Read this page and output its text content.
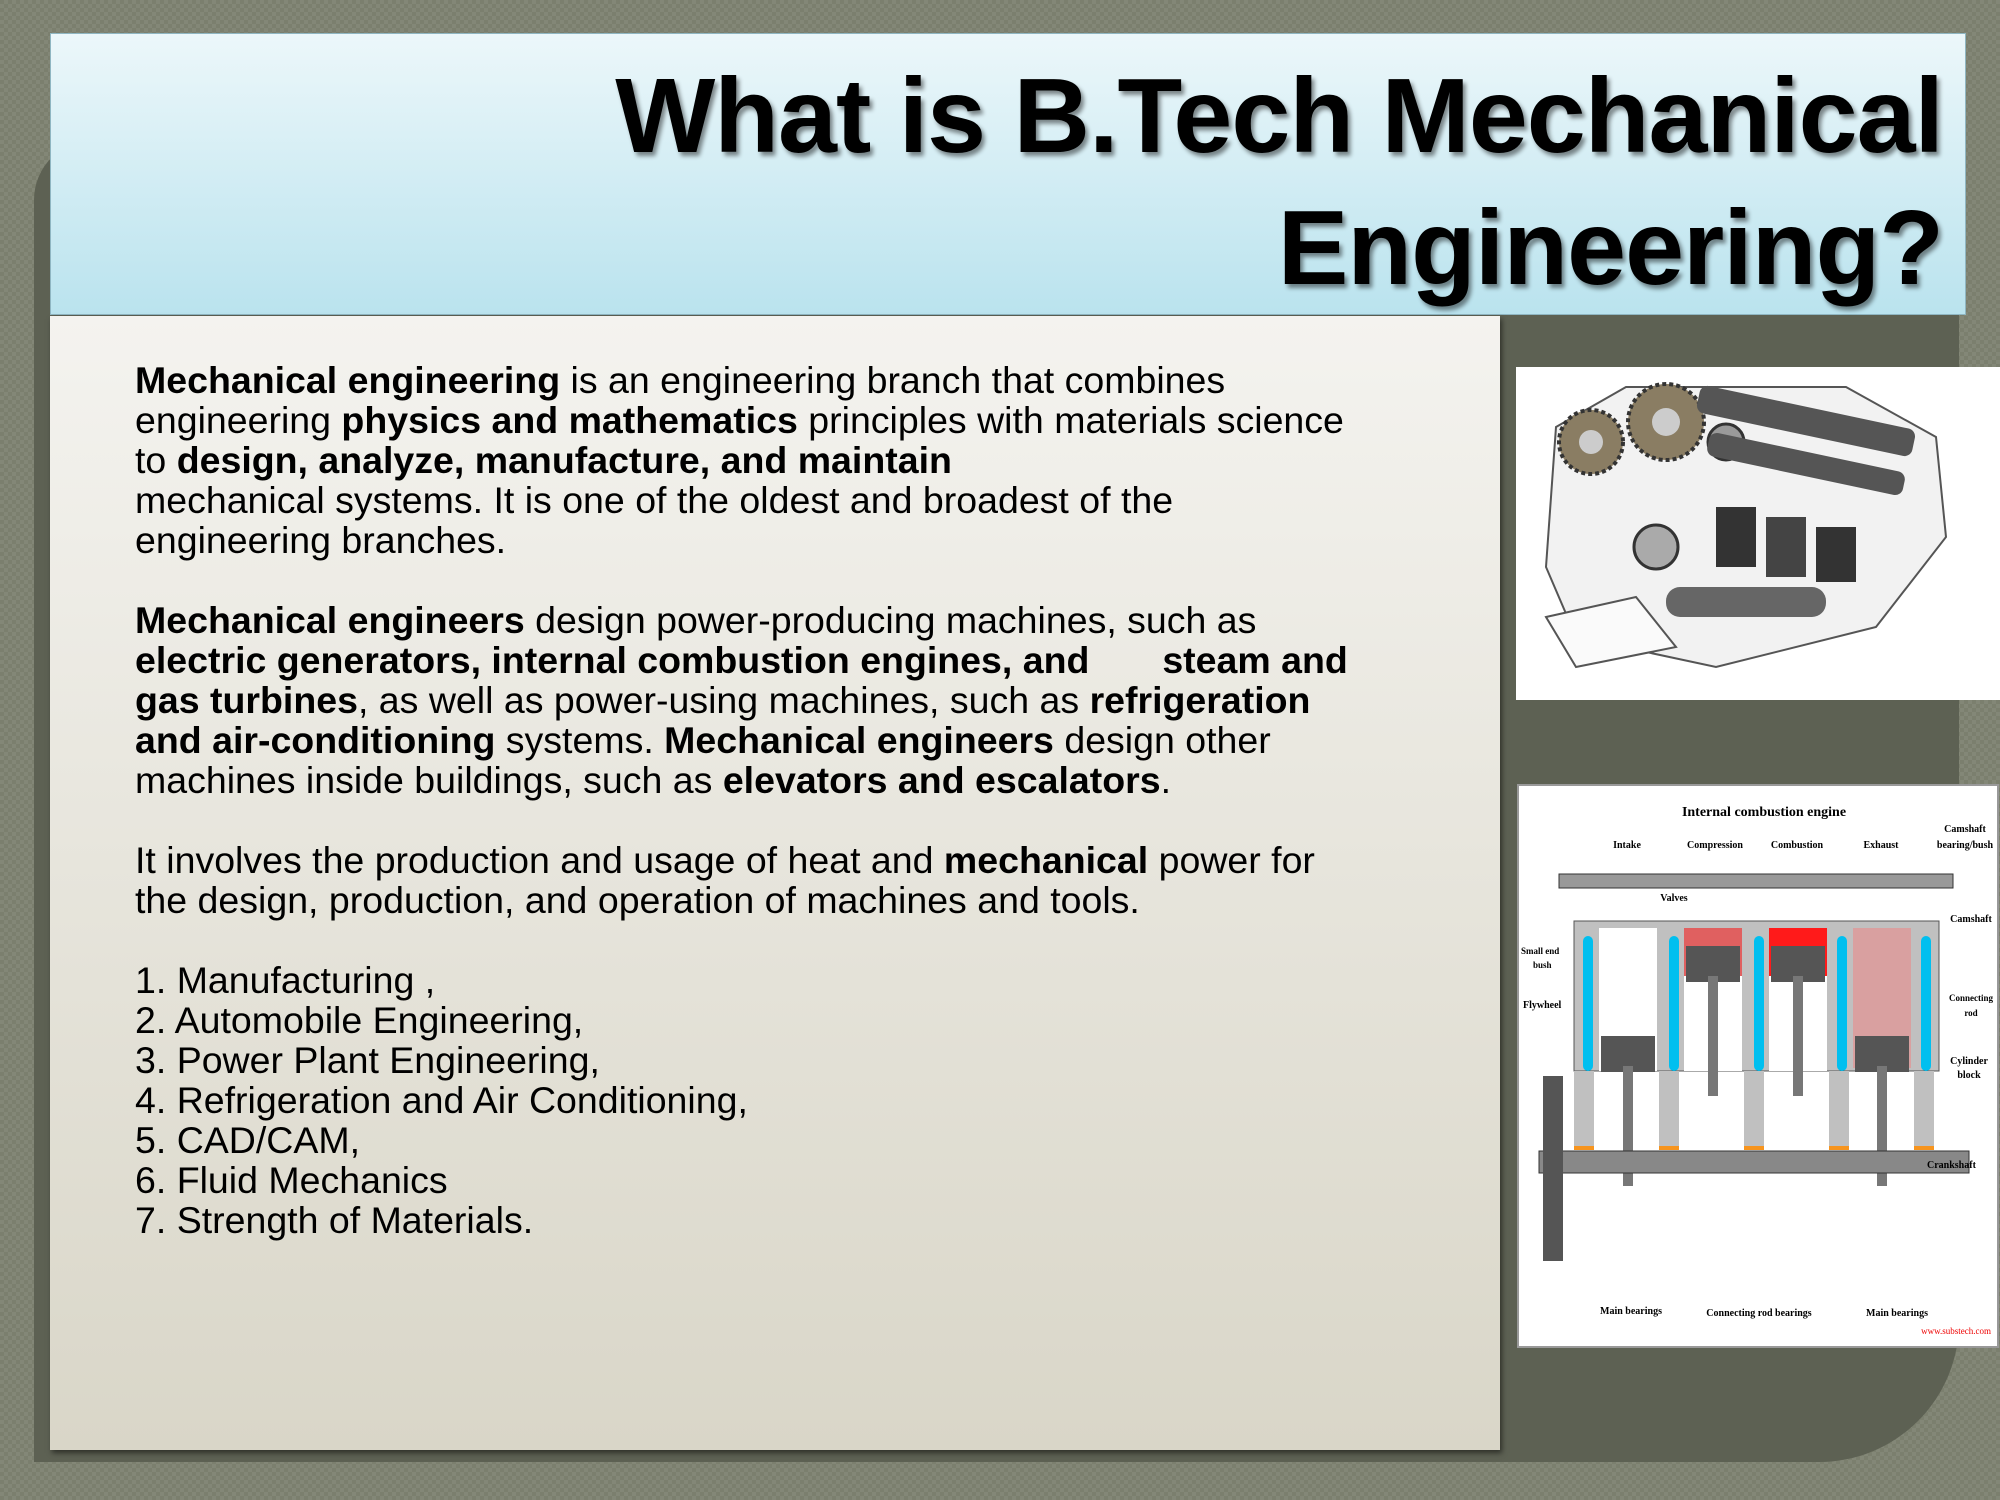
What is B.Tech Mechanical
Engineering?
Mechanical engineering is an engineering branch that combines
engineering physics and mathematics principles with materials science
to design, analyze, manufacture, and maintain
mechanical systems. It is one of the oldest and broadest of the
engineering branches.
Mechanical engineers design power-producing machines, such as
electric generators, internal combustion engines, and       steam and
gas turbines, as well as power-using machines, such as refrigeration
and air-conditioning systems. Mechanical engineers design other
machines inside buildings, such as elevators and escalators.
It involves the production and usage of heat and mechanical power for
the design, production, and operation of machines and tools.
1. Manufacturing ,
2. Automobile Engineering,
3. Power Plant Engineering,
4. Refrigeration and Air Conditioning,
5. CAD/CAM,
6. Fluid Mechanics
7. Strength of Materials.
Internal combustion engine
Intake	Compression	Combustion	Exhaust
Camshaft
bearing/bush
Valves
Camshaft
Small end
bush
Flywheel
Connecting
rod
Cylinder
block
Crankshaft
Main bearings	Connecting rod bearings	Main bearings
www.substech.com
